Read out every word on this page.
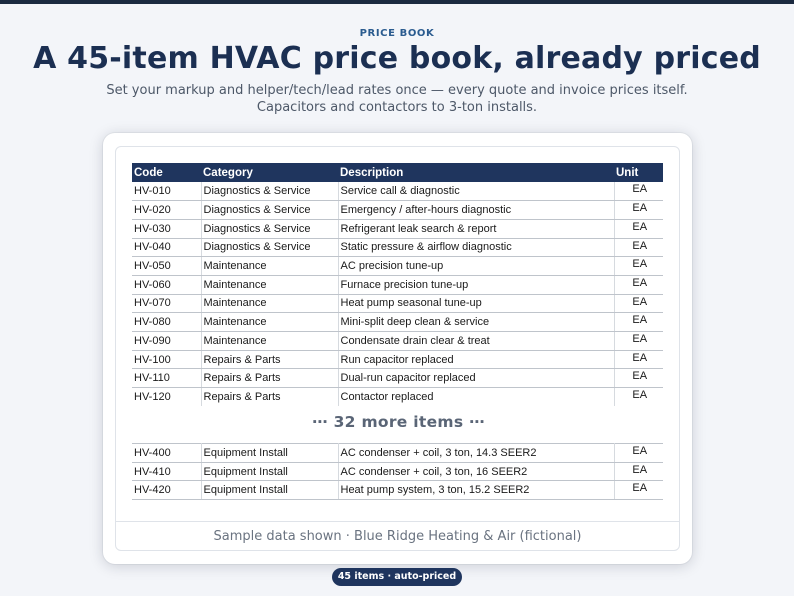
PRICE BOOK
A 45-item HVAC price book, already priced
Set your markup and helper/tech/lead rates once — every quote and invoice prices itself.
Capacitors and contactors to 3-ton installs.
Code	Category	Description	Unit
HV-010	Diagnostics & Service	Service call & diagnostic	EA
HV-020	Diagnostics & Service	Emergency / after-hours diagnostic	EA
HV-030	Diagnostics & Service	Refrigerant leak search & report	EA
HV-040	Diagnostics & Service	Static pressure & airflow diagnostic	EA
HV-050	Maintenance	AC precision tune-up	EA
HV-060	Maintenance	Furnace precision tune-up	EA
HV-070	Maintenance	Heat pump seasonal tune-up	EA
HV-080	Maintenance	Mini-split deep clean & service	EA
HV-090	Maintenance	Condensate drain clear & treat	EA
HV-100	Repairs & Parts	Run capacitor replaced	EA
HV-110	Repairs & Parts	Dual-run capacitor replaced	EA
HV-120	Repairs & Parts	Contactor replaced	EA
⋯ 32 more items ⋯
HV-400	Equipment Install	AC condenser + coil, 3 ton, 14.3 SEER2	EA
HV-410	Equipment Install	AC condenser + coil, 3 ton, 16 SEER2	EA
HV-420	Equipment Install	Heat pump system, 3 ton, 15.2 SEER2	EA
Sample data shown · Blue Ridge Heating & Air (fictional)
45 items · auto-priced
